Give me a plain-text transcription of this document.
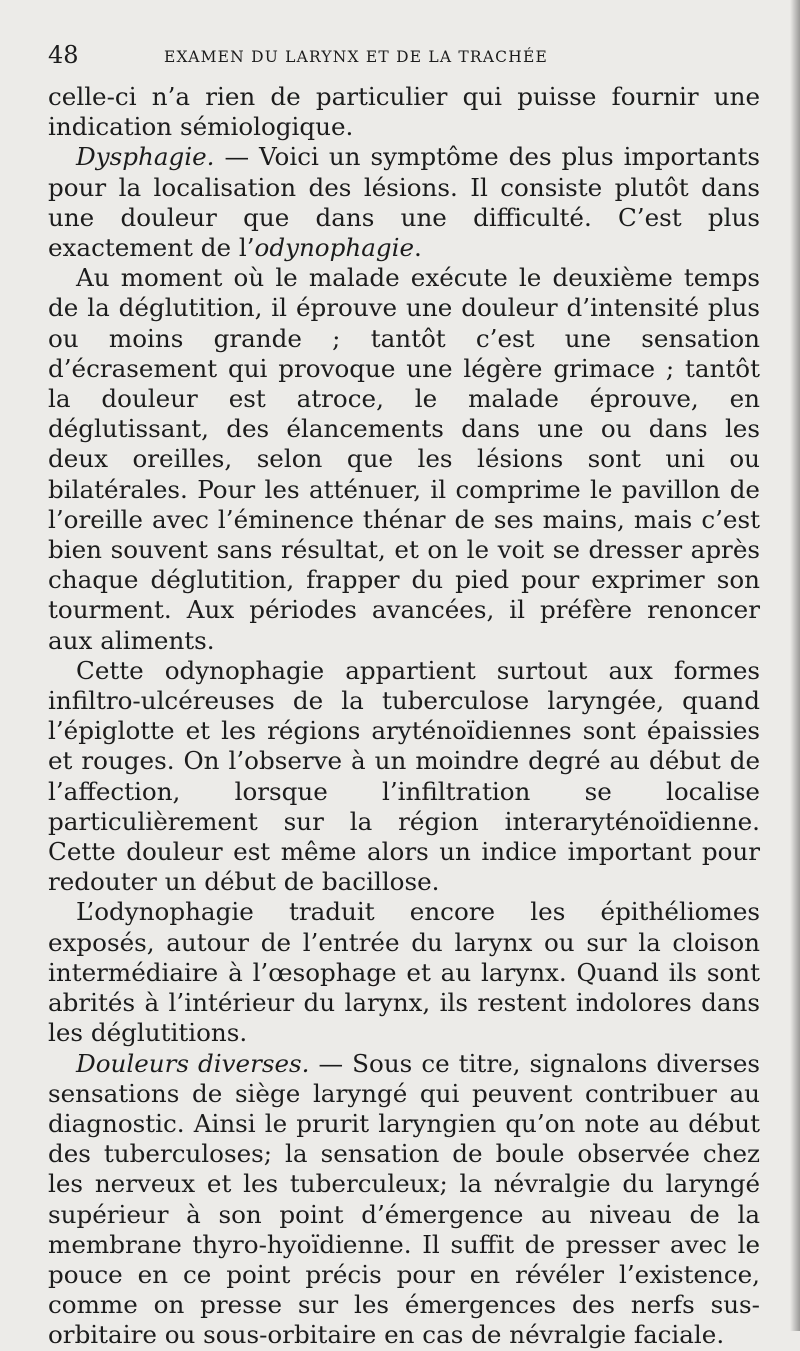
48	EXAMEN DU LARYNX ET DE LA TRACHÉE

celle-ci n’a rien de particulier qui puisse fournir une indication sémiologique.

Dysphagie. — Voici un symptôme des plus importants pour la localisation des lésions. Il consiste plutôt dans une douleur que dans une difficulté. C’est plus exactement de l’odynophagie.

Au moment où le malade exécute le deuxième temps de la déglutition, il éprouve une douleur d’intensité plus ou moins grande ; tantôt c’est une sensation d’écrasement qui provoque une légère grimace ; tantôt la douleur est atroce, le malade éprouve, en déglutissant, des élancements dans une ou dans les deux oreilles, selon que les lésions sont uni ou bilatérales. Pour les atténuer, il comprime le pavillon de l’oreille avec l’éminence thénar de ses mains, mais c’est bien souvent sans résultat, et on le voit se dresser après chaque déglutition, frapper du pied pour exprimer son tourment. Aux périodes avancées, il préfère renoncer aux aliments.

Cette odynophagie appartient surtout aux formes infiltro-ulcéreuses de la tuberculose laryngée, quand l’épiglotte et les régions aryténoïdiennes sont épaissies et rouges. On l’observe à un moindre degré au début de l’affection, lorsque l’infiltration se localise particulièrement sur la région interaryténoïdienne. Cette douleur est même alors un indice important pour redouter un début de bacillose.

L’odynophagie traduit encore les épithéliomes exposés, autour de l’entrée du larynx ou sur la cloison intermédiaire à l’œsophage et au larynx. Quand ils sont abrités à l’intérieur du larynx, ils restent indolores dans les déglutitions.

Douleurs diverses. — Sous ce titre, signalons diverses sensations de siège laryngé qui peuvent contribuer au diagnostic. Ainsi le prurit laryngien qu’on note au début des tuberculoses; la sensation de boule observée chez les nerveux et les tuberculeux; la névralgie du laryngé supérieur à son point d’émergence au niveau de la membrane thyro-hyoïdienne. Il suffit de presser avec le pouce en ce point précis pour en révéler l’existence, comme on presse sur les émergences des nerfs sus-orbitaire ou sous-orbitaire en cas de névralgie faciale.
